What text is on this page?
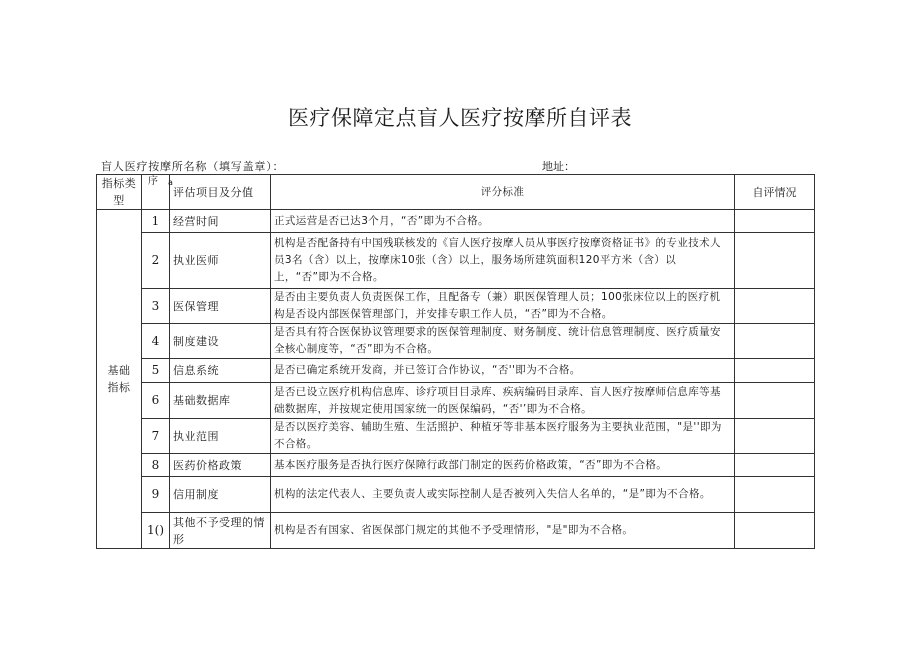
医疗保障定点盲人医疗按摩所自评表
盲人医疗按摩所名称（填写盖章）：	地址：
指标类型	序 a	评估项目及分值	评分标准	自评情况
基础指标	1	经营时间	正式运营是否已达3个月，“否”即为不合格。	
	2	执业医师	机构是否配备持有中国残联核发的《盲人医疗按摩人员从事医疗按摩资格证书》的专业技术人员3名（含）以上，按摩床10张（含）以上，服务场所建筑面积120平方米（含）以上，“否”即为不合格。	
	3	医保管理	是否由主要负责人负责医保工作，且配备专（兼）职医保管理人员；100张床位以上的医疗机构是否设内部医保管理部门，并安排专职工作人员，“否”即为不合格。	
	4	制度建设	是否具有符合医保协议管理要求的医保管理制度、财务制度、统计信息管理制度、医疗质量安全核心制度等，“否”即为不合格。	
	5	信息系统	是否已确定系统开发商，并已签订合作协议，“否''即为不合格。	
	6	基础数据库	是否已设立医疗机构信息库、诊疗项目目录库、疾病编码目录库、盲人医疗按摩师信息库等基础数据库，并按规定使用国家统一的医保编码，“否'’即为不合格。	
	7	执业范围	是否以医疗美容、辅助生殖、生活照护、种植牙等非基本医疗服务为主要执业范围，"是''即为不合格。	
	8	医药价格政策	基本医疗服务是否执行医疗保障行政部门制定的医药价格政策，“否”即为不合格。	
	9	信用制度	机构的法定代表人、主要负责人或实际控制人是否被列入失信人名单的，“是”即为不合格。	
	1()	其他不予受理的情形	机构是否有国家、省医保部门规定的其他不予受理情形，"是"即为不合格。	
